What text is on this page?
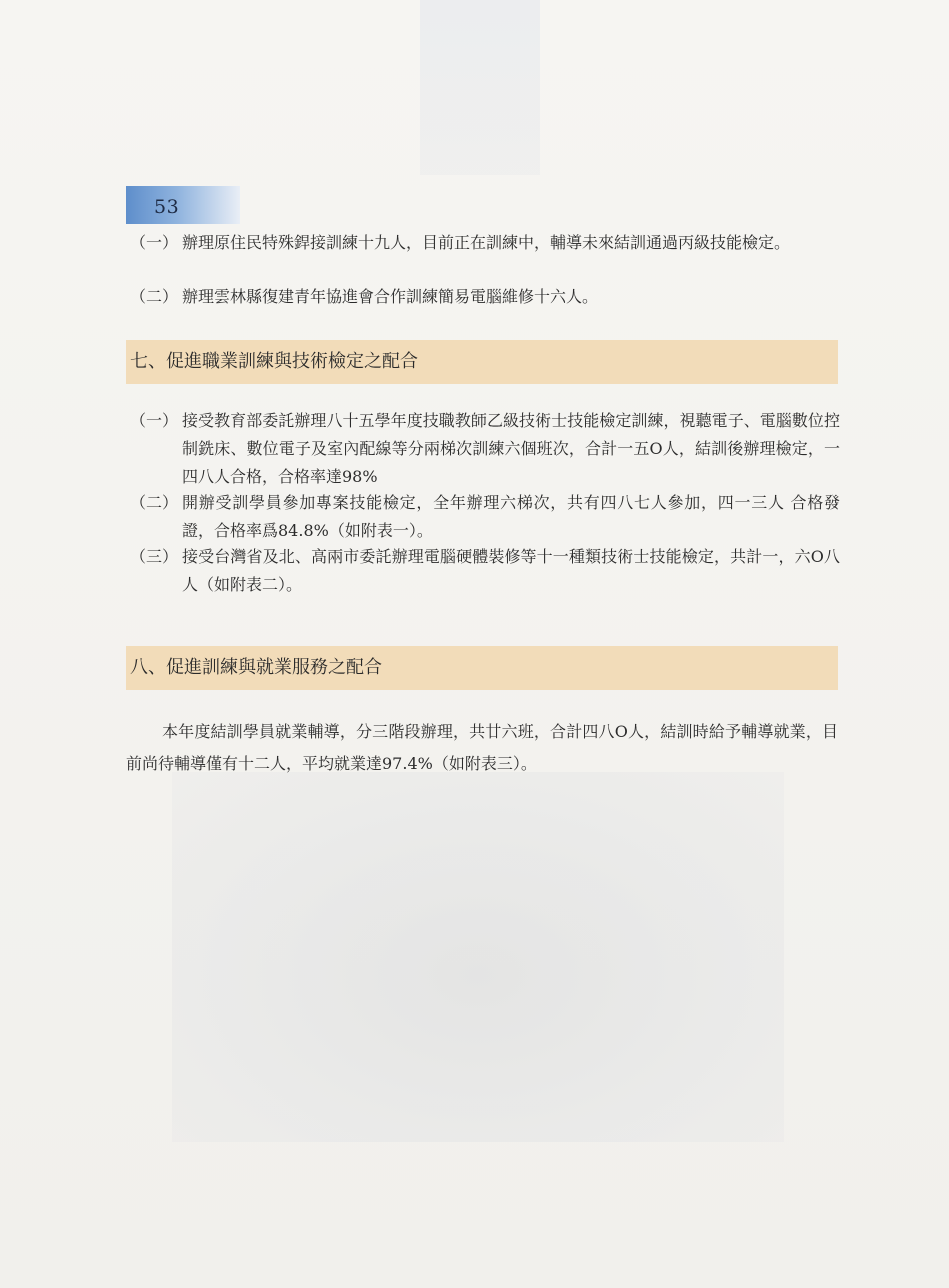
53
（一） 辦理原住民特殊銲接訓練十九人，目前正在訓練中，輔導未來結訓通過丙級技能檢定。
（二） 辦理雲林縣復建青年協進會合作訓練簡易電腦維修十六人。
七、促進職業訓練與技術檢定之配合
（一） 接受教育部委託辦理八十五學年度技職教師乙級技術士技能檢定訓練，視聽電子、電腦數位控制銑床、數位電子及室內配線等分兩梯次訓練六個班次，合計一五O人，結訓後辦理檢定，一四八人合格，合格率達98%
（二） 開辦受訓學員參加專案技能檢定，全年辦理六梯次，共有四八七人參加，四一三人 合格發證，合格率爲84.8%（如附表一）。
（三） 接受台灣省及北、高兩市委託辦理電腦硬體裝修等十一種類技術士技能檢定，共計一，六O八人（如附表二）。
八、促進訓練與就業服務之配合
本年度結訓學員就業輔導，分三階段辦理，共廿六班，合計四八O人，結訓時給予輔導就業，目前尚待輔導僅有十二人，平均就業達97.4%（如附表三）。
